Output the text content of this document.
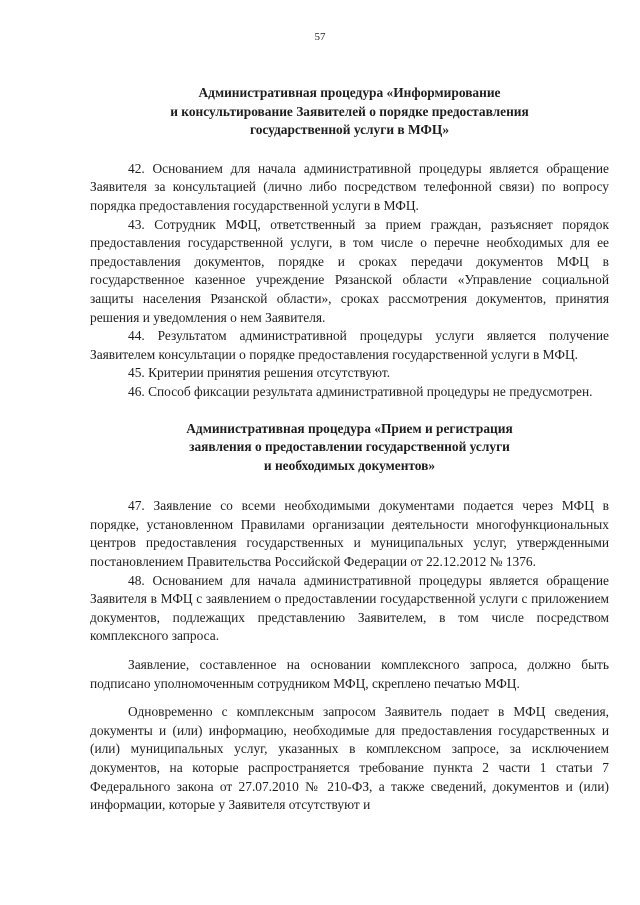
57
Административная процедура «Информирование
и консультирование Заявителей о порядке предоставления
государственной услуги в МФЦ»

42. Основанием для начала административной процедуры является обращение Заявителя за консультацией (лично либо посредством телефонной связи) по вопросу порядка предоставления государственной услуги в МФЦ.

43. Сотрудник МФЦ, ответственный за прием граждан, разъясняет порядок предоставления государственной услуги, в том числе о перечне необходимых для ее предоставления документов, порядке и сроках передачи документов МФЦ в государственное казенное учреждение Рязанской области «Управление социальной защиты населения Рязанской области», сроках рассмотрения документов, принятия решения и уведомления о нем Заявителя.

44. Результатом административной процедуры услуги является получение Заявителем консультации о порядке предоставления государственной услуги в МФЦ.

45. Критерии принятия решения отсутствуют.

46. Способ фиксации результата административной процедуры не предусмотрен.

Административная процедура «Прием и регистрация
заявления о предоставлении государственной услуги
и необходимых документов»

47. Заявление со всеми необходимыми документами подается через МФЦ в порядке, установленном Правилами организации деятельности многофункциональных центров предоставления государственных и муниципальных услуг, утвержденными постановлением Правительства Российской Федерации от 22.12.2012 № 1376.

48. Основанием для начала административной процедуры является обращение Заявителя в МФЦ с заявлением о предоставлении государственной услуги с приложением документов, подлежащих представлению Заявителем, в том числе посредством комплексного запроса.

Заявление, составленное на основании комплексного запроса, должно быть подписано уполномоченным сотрудником МФЦ, скреплено печатью МФЦ.

Одновременно с комплексным запросом Заявитель подает в МФЦ сведения, документы и (или) информацию, необходимые для предоставления государственных и (или) муниципальных услуг, указанных в комплексном запросе, за исключением документов, на которые распространяется требование пункта 2 части 1 статьи 7 Федерального закона от 27.07.2010 № 210-ФЗ, а также сведений, документов и (или) информации, которые у Заявителя отсутствуют и
